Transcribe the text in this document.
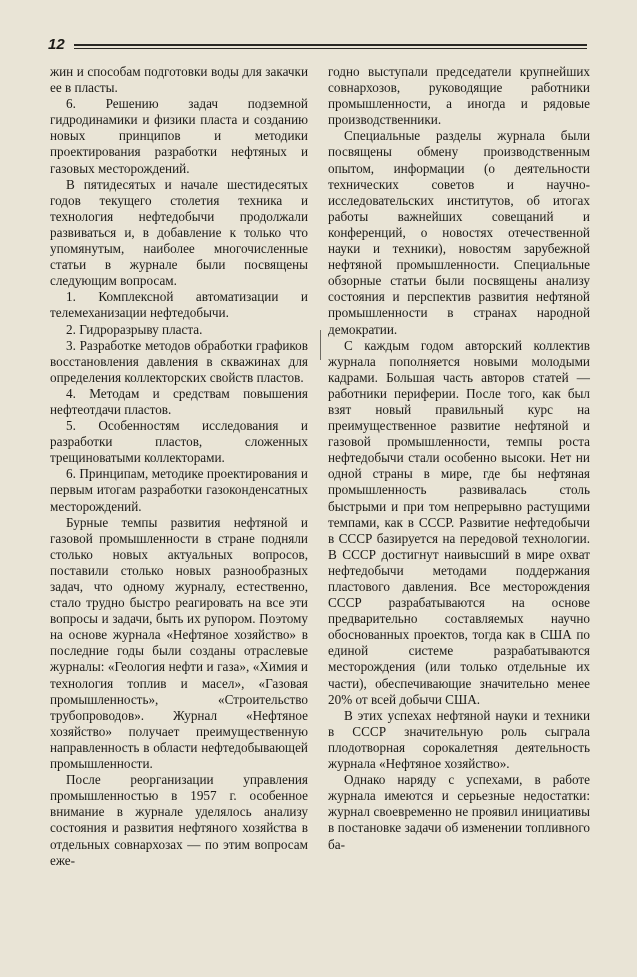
12

жин и способам подготовки воды для закачки ее в пласты.

6. Решению задач подземной гидродинамики и физики пласта и созданию новых принципов и методики проектирования разработки нефтяных и газовых месторождений.

В пятидесятых и начале шестидесятых годов текущего столетия техника и технология нефтедобычи продолжали развиваться и, в добавление к только что упомянутым, наиболее многочисленные статьи в журнале были посвящены следующим вопросам.

1. Комплексной автоматизации и телемеханизации нефтедобычи.

2. Гидроразрыву пласта.

3. Разработке методов обработки графиков восстановления давления в скважинах для определения коллекторских свойств пластов.

4. Методам и средствам повышения нефтеотдачи пластов.

5. Особенностям исследования и разработки пластов, сложенных трещиноватыми коллекторами.

6. Принципам, методике проектирования и первым итогам разработки газоконденсатных месторождений.

Бурные темпы развития нефтяной и газовой промышленности в стране подняли столько новых актуальных вопросов, поставили столько новых разнообразных задач, что одному журналу, естественно, стало трудно быстро реагировать на все эти вопросы и задачи, быть их рупором. Поэтому на основе журнала «Нефтяное хозяйство» в последние годы были созданы отраслевые журналы: «Геология нефти и газа», «Химия и технология топлив и масел», «Газовая промышленность», «Строительство трубопроводов». Журнал «Нефтяное хозяйство» получает преимущественную направленность в области нефтедобывающей промышленности.

После реорганизации управления промышленностью в 1957 г. особенное внимание в журнале уделялось анализу состояния и развития нефтяного хозяйства в отдельных совнархозах — по этим вопросам еже-

годно выступали председатели крупнейших совнархозов, руководящие работники промышленности, а иногда и рядовые производственники.

Специальные разделы журнала были посвящены обмену производственным опытом, информации (о деятельности технических советов и научно-исследовательских институтов, об итогах работы важнейших совещаний и конференций, о новостях отечественной науки и техники), новостям зарубежной нефтяной промышленности. Специальные обзорные статьи были посвящены анализу состояния и перспектив развития нефтяной промышленности в странах народной демократии.

С каждым годом авторский коллектив журнала пополняется новыми молодыми кадрами. Большая часть авторов статей — работники периферии. После того, как был взят новый правильный курс на преимущественное развитие нефтяной и газовой промышленности, темпы роста нефтедобычи стали особенно высоки. Нет ни одной страны в мире, где бы нефтяная промышленность развивалась столь быстрыми и при том непрерывно растущими темпами, как в СССР. Развитие нефтедобычи в СССР базируется на передовой технологии. В СССР достигнут наивысший в мире охват нефтедобычи методами поддержания пластового давления. Все месторождения СССР разрабатываются на основе предварительно составляемых научно обоснованных проектов, тогда как в США по единой системе разрабатываются месторождения (или только отдельные их части), обеспечивающие значительно менее 20% от всей добычи США.

В этих успехах нефтяной науки и техники в СССР значительную роль сыграла плодотворная сорокалетняя деятельность журнала «Нефтяное хозяйство».

Однако наряду с успехами, в работе журнала имеются и серьезные недостатки: журнал своевременно не проявил инициативы в постановке задачи об изменении топливного ба-
